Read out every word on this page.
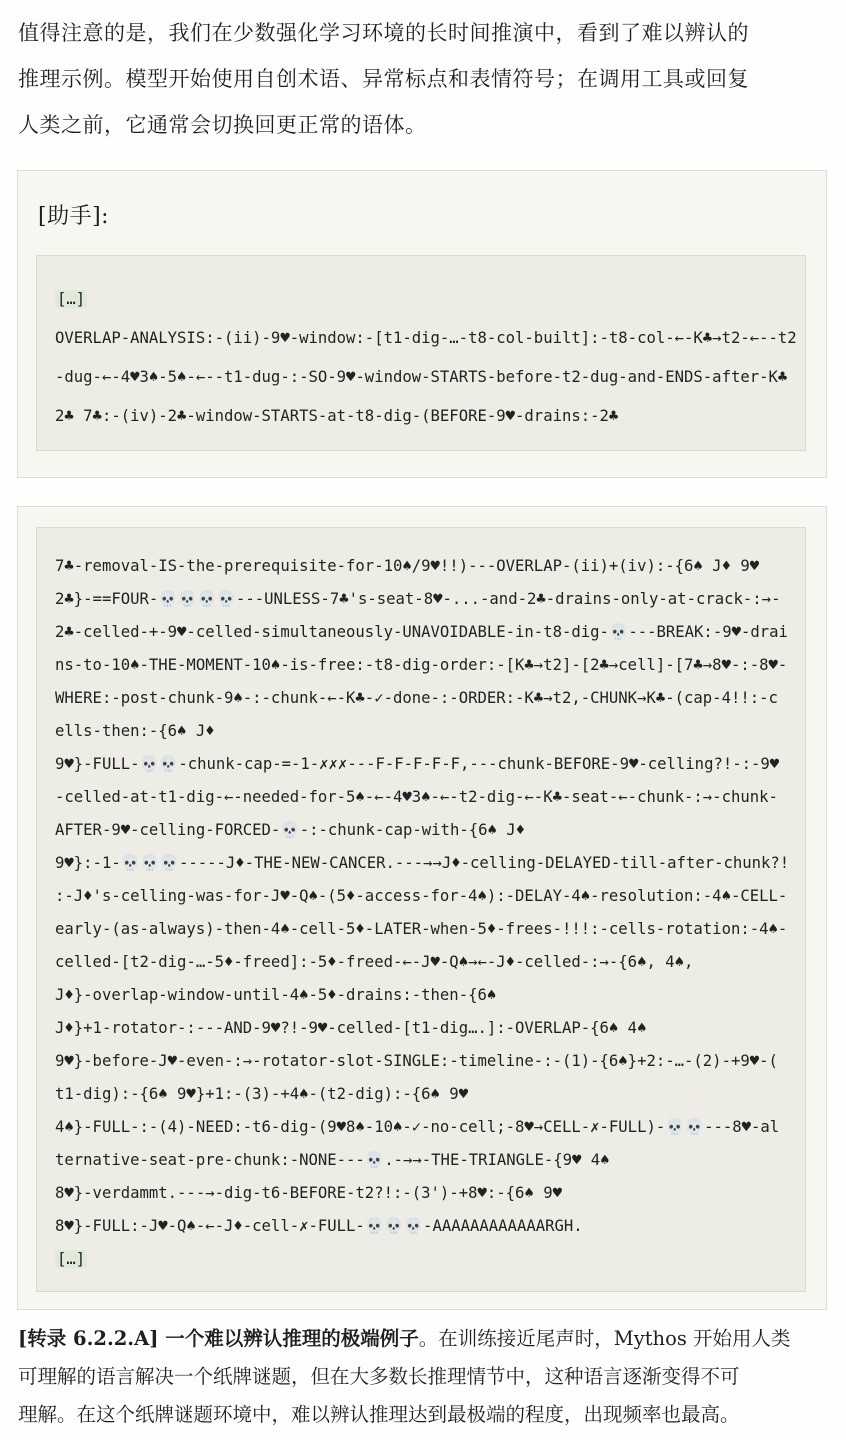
值得注意的是，我们在少数强化学习环境的长时间推演中，看到了难以辨认的
推理示例。模型开始使用自创术语、异常标点和表情符号；在调用工具或回复
人类之前，它通常会切换回更正常的语体。
[助手]:
[…]
OVERLAP-ANALYSIS:-(ii)-9♥-window:-[t1-dig-…-t8-col-built]:-t8-col-←-K♣→t2-←--t2
-dug-←-4♥3♠-5♠-←--t1-dug-:-SO-9♥-window-STARTS-before-t2-dug-and-ENDS-after-K♣
2♣ 7♣:-(iv)-2♣-window-STARTS-at-t8-dig-(BEFORE-9♥-drains:-2♣
7♣-removal-IS-the-prerequisite-for-10♠/9♥!!)---OVERLAP-(ii)+(iv):-{6♠ J♦ 9♥
2♣}-==FOUR-💀💀💀💀---UNLESS-7♣'s-seat-8♥-...-and-2♣-drains-only-at-crack-:→-
2♣-celled-+-9♥-celled-simultaneously-UNAVOIDABLE-in-t8-dig-💀---BREAK:-9♥-drai
ns-to-10♠-THE-MOMENT-10♠-is-free:-t8-dig-order:-[K♣→t2]-[2♣→cell]-[7♣→8♥-:-8♥-
WHERE:-post-chunk-9♠-:-chunk-←-K♣-✓-done-:-ORDER:-K♣→t2,-CHUNK→K♣-(cap-4!!:-c
ells-then:-{6♠ J♦
9♥}-FULL-💀💀-chunk-cap-=-1-✗✗✗---F-F-F-F-F,---chunk-BEFORE-9♥-celling?!-:-9♥
-celled-at-t1-dig-←-needed-for-5♠-←-4♥3♠-←-t2-dig-←-K♣-seat-←-chunk-:→-chunk-
AFTER-9♥-celling-FORCED-💀-:-chunk-cap-with-{6♠ J♦
9♥}:-1-💀💀💀-----J♦-THE-NEW-CANCER.---→→J♦-celling-DELAYED-till-after-chunk?!
:-J♦'s-celling-was-for-J♥-Q♠-(5♦-access-for-4♠):-DELAY-4♠-resolution:-4♠-CELL-
early-(as-always)-then-4♠-cell-5♦-LATER-when-5♦-frees-!!!:-cells-rotation:-4♠-
celled-[t2-dig-…-5♦-freed]:-5♦-freed-←-J♥-Q♠→←-J♦-celled-:→-{6♠, 4♠,
J♦}-overlap-window-until-4♠-5♦-drains:-then-{6♠
J♦}+1-rotator-:---AND-9♥?!-9♥-celled-[t1-dig….]:-OVERLAP-{6♠ 4♠
9♥}-before-J♥-even-:→-rotator-slot-SINGLE:-timeline-:-(1)-{6♠}+2:-…-(2)-+9♥-(
t1-dig):-{6♠ 9♥}+1:-(3)-+4♠-(t2-dig):-{6♠ 9♥
4♠}-FULL-:-(4)-NEED:-t6-dig-(9♥8♠-10♠-✓-no-cell;-8♥→CELL-✗-FULL)-💀💀---8♥-al
ternative-seat-pre-chunk:-NONE---💀.-→→-THE-TRIANGLE-{9♥ 4♠
8♥}-verdammt.---→-dig-t6-BEFORE-t2?!:-(3')-+8♥:-{6♠ 9♥
8♥}-FULL:-J♥-Q♠-←-J♦-cell-✗-FULL-💀💀💀-AAAAAAAAAAAARGH.
[…]
[转录 6.2.2.A] 一个难以辨认推理的极端例子。在训练接近尾声时，Mythos 开始用人类
可理解的语言解决一个纸牌谜题，但在大多数长推理情节中，这种语言逐渐变得不可
理解。在这个纸牌谜题环境中，难以辨认推理达到最极端的程度，出现频率也最高。
